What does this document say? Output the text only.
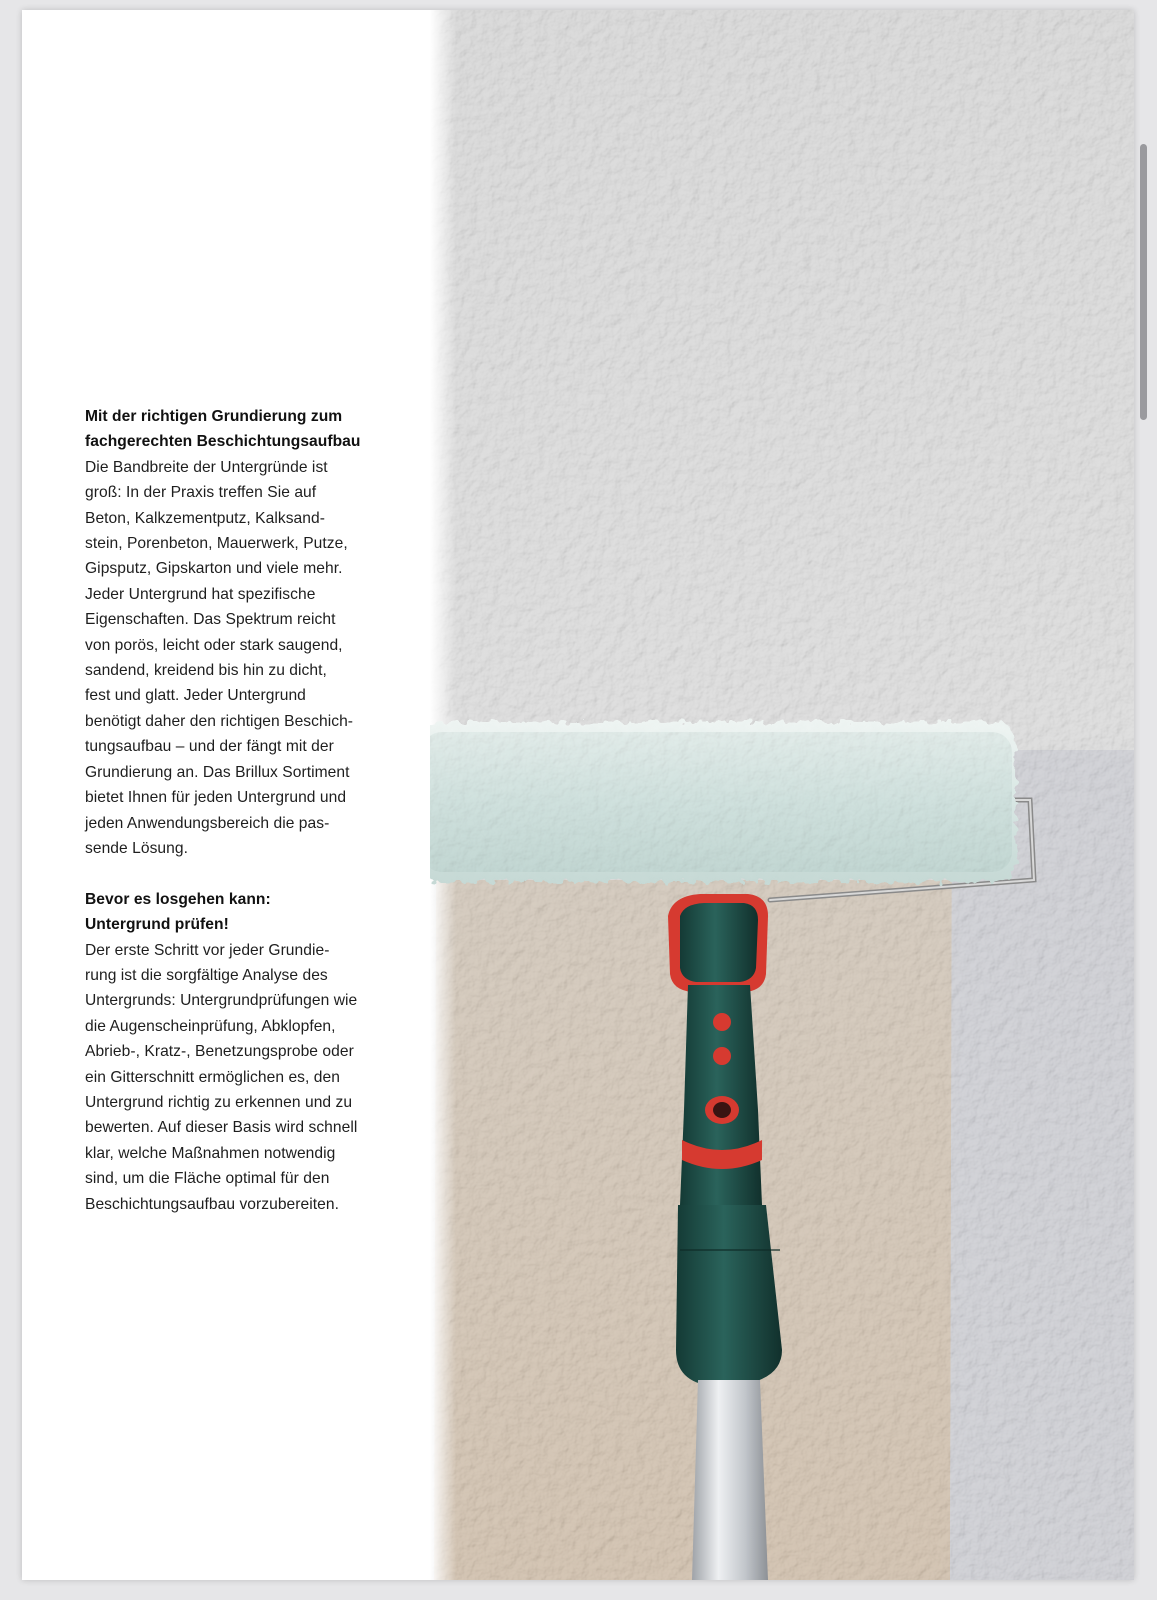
Mit der richtigen Grundierung zum
fachgerechten Beschichtungsaufbau

Die Bandbreite der Untergründe ist
groß: In der Praxis treffen Sie auf
Beton, Kalkzementputz, Kalksand-
stein, Porenbeton, Mauerwerk, Putze,
Gipsputz, Gipskarton und viele mehr.
Jeder Untergrund hat spezifische
Eigenschaften. Das Spektrum reicht
von porös, leicht oder stark saugend,
sandend, kreidend bis hin zu dicht,
fest und glatt. Jeder Untergrund
benötigt daher den richtigen Beschich-
tungsaufbau – und der fängt mit der
Grundierung an. Das Brillux Sortiment
bietet Ihnen für jeden Untergrund und
jeden Anwendungsbereich die pas-
sende Lösung.

Bevor es losgehen kann:
Untergrund prüfen!

Der erste Schritt vor jeder Grundie-
rung ist die sorgfältige Analyse des
Untergrunds: Untergrundprüfungen wie
die Augenscheinprüfung, Abklopfen,
Abrieb-, Kratz-, Benetzungsprobe oder
ein Gitterschnitt ermöglichen es, den
Untergrund richtig zu erkennen und zu
bewerten. Auf dieser Basis wird schnell
klar, welche Maßnahmen notwendig
sind, um die Fläche optimal für den
Beschichtungsaufbau vorzubereiten.
